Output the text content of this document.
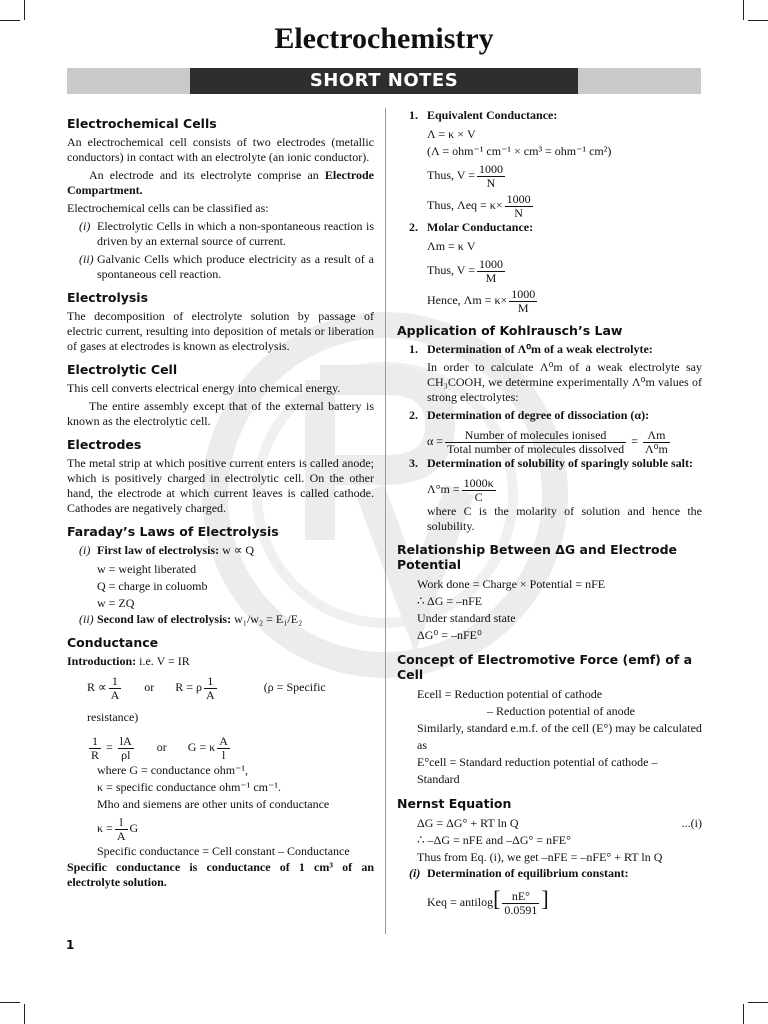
Electrochemistry
SHORT NOTES
Electrochemical Cells

An electrochemical cell consists of two electrodes (metallic conductors) in contact with an electrolyte (an ionic conductor).

An electrode and its electrolyte comprise an Electrode Compartment.

Electrochemical cells can be classified as:

(i) Electrolytic Cells in which a non-spontaneous reaction is driven by an external source of current.
(ii) Galvanic Cells which produce electricity as a result of a spontaneous cell reaction.
Electrolysis

The decomposition of electrolyte solution by passage of electric current, resulting into deposition of metals or liberation of gases at electrodes is known as electrolysis.

Electrolytic Cell

This cell converts electrical energy into chemical energy.

The entire assembly except that of the external battery is known as the electrolytic cell.

Electrodes

The metal strip at which positive current enters is called anode; which is positively charged in electrolytic cell. On the other hand, the electrode at which current leaves is called cathode. Cathodes are negatively charged.

Faraday’s Laws of Electrolysis
(i) First law of electrolysis: w ∝ Q
w = weight liberated
Q = charge in coluomb
w = ZQ
(ii) Second law of electrolysis: w₁/w₂ = E₁/E₂
Conductance

Introduction: i.e. V = IR

$R \propto \frac{1}{A}$ or R = ρ $\frac{1}{A}$	(ρ = Specific resistance)
$\frac{1}{R} = \frac{lA}{\rho l}$ or G = κ $\frac{A}{l}$
where G = conductance ohm⁻¹,
κ = specific conductance ohm⁻¹ cm⁻¹.
Mho and siemens are other units of conductance
$\kappa = \frac{l}{A}$ G
Specific conductance = Cell constant – Conductance

Specific conductance is conductance of 1 cm³ of an electrolyte solution.

1. Equivalent Conductance:
Λ = κ × V
(Λ = ohm⁻¹ cm⁻¹ × cm³ = ohm⁻¹ cm²)
Thus, $V = \frac{1000}{N}$
Thus, $\Lambda eq = \kappa\times \frac{1000}{N}$
2. Molar Conductance:
Λm = κ V
Thus, $V = \frac{1000}{M}$
Hence, $\Lambda m = \kappa\times \frac{1000}{M}$
Application of Kohlrausch’s Law
1. Determination of Λ⁰m of a weak electrolyte:

In order to calculate Λ⁰m of a weak electrolyte say CH₃COOH, we determine experimentally Λ⁰m values of strong electrolytes:

2. Determination of degree of dissociation (α):
α =	Number of molecules ionised
Total number of molecules dissolved
= $\frac{\Lambda m}{\text{Λ⁰m}}$
3. Determination of solubility of sparingly soluble salt:
$\Lambda^\circ m = \frac{1000\kappa}{C}$

where C is the molarity of solution and hence the solubility.

Relationship Between ΔG and Electrode Potential
Work done = Charge × Potential = nFE
∴ ΔG = –nFE
Under standard state
ΔG⁰ = –nFE⁰
Concept of Electromotive Force (emf) of a Cell
Ecell = Reduction potential of cathode
– Reduction potential of anode
Similarly, standard e.m.f. of the cell (E°) may be calculated as
E°cell = Standard reduction potential of cathode – Standard
Nernst Equation
ΔG = ΔG° + RT ln Q	...(i)
∴ –ΔG = nFE and –ΔG° = nFE°
Thus from Eq. (i), we get –nFE = –nFE° + RT ln Q
(i) Determination of equilibrium constant:
Keq = antilog[ $\frac{nE^\circ}{0.0591}$ ]
1
